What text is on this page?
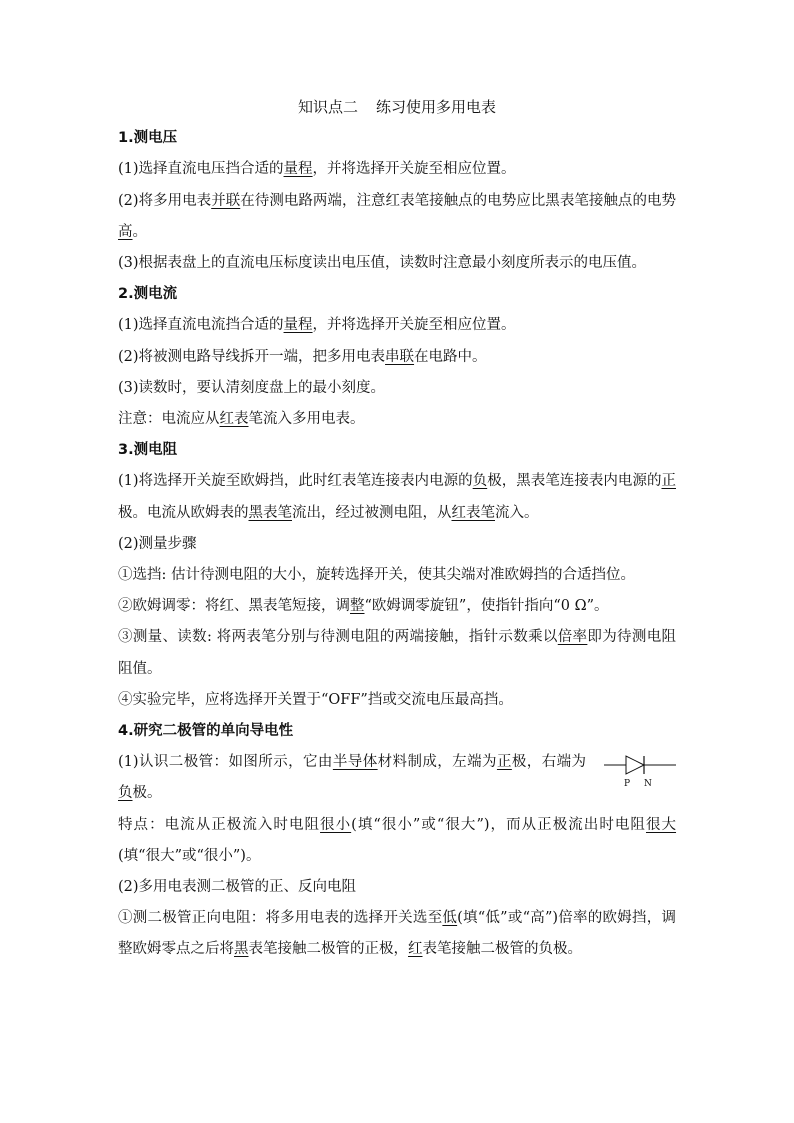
知识点二 练习使用多用电表
1.测电压

(1)选择直流电压挡合适的量程，并将选择开关旋至相应位置。

(2)将多用电表并联在待测电路两端，注意红表笔接触点的电势应比黑表笔接触点的电势高。

(3)根据表盘上的直流电压标度读出电压值，读数时注意最小刻度所表示的电压值。

2.测电流

(1)选择直流电流挡合适的量程，并将选择开关旋至相应位置。

(2)将被测电路导线拆开一端，把多用电表串联在电路中。

(3)读数时，要认清刻度盘上的最小刻度。

注意：电流应从红表笔流入多用电表。

3.测电阻

(1)将选择开关旋至欧姆挡，此时红表笔连接表内电源的负极，黑表笔连接表内电源的正极。电流从欧姆表的黑表笔流出，经过被测电阻，从红表笔流入。

(2)测量步骤

①选挡: 估计待测电阻的大小，旋转选择开关，使其尖端对准欧姆挡的合适挡位。

②欧姆调零：将红、黑表笔短接，调整“欧姆调零旋钮”，使指针指向“0 Ω”。

③测量、读数: 将两表笔分别与待测电阻的两端接触，指针示数乘以倍率即为待测电阻阻值。

④实验完毕，应将选择开关置于“OFF”挡或交流电压最高挡。

4.研究二极管的单向导电性

(1)认识二极管：如图所示，它由半导体材料制成，左端为正极，右端为负极。

P N

特点：电流从正极流入时电阻很小(填“很小”或“很大”)，而从正极流出时电阻很大(填“很大”或“很小”)。

(2)多用电表测二极管的正、反向电阻

①测二极管正向电阻：将多用电表的选择开关选至低(填“低”或“高”)倍率的欧姆挡，调整欧姆零点之后将黑表笔接触二极管的正极，红表笔接触二极管的负极。
